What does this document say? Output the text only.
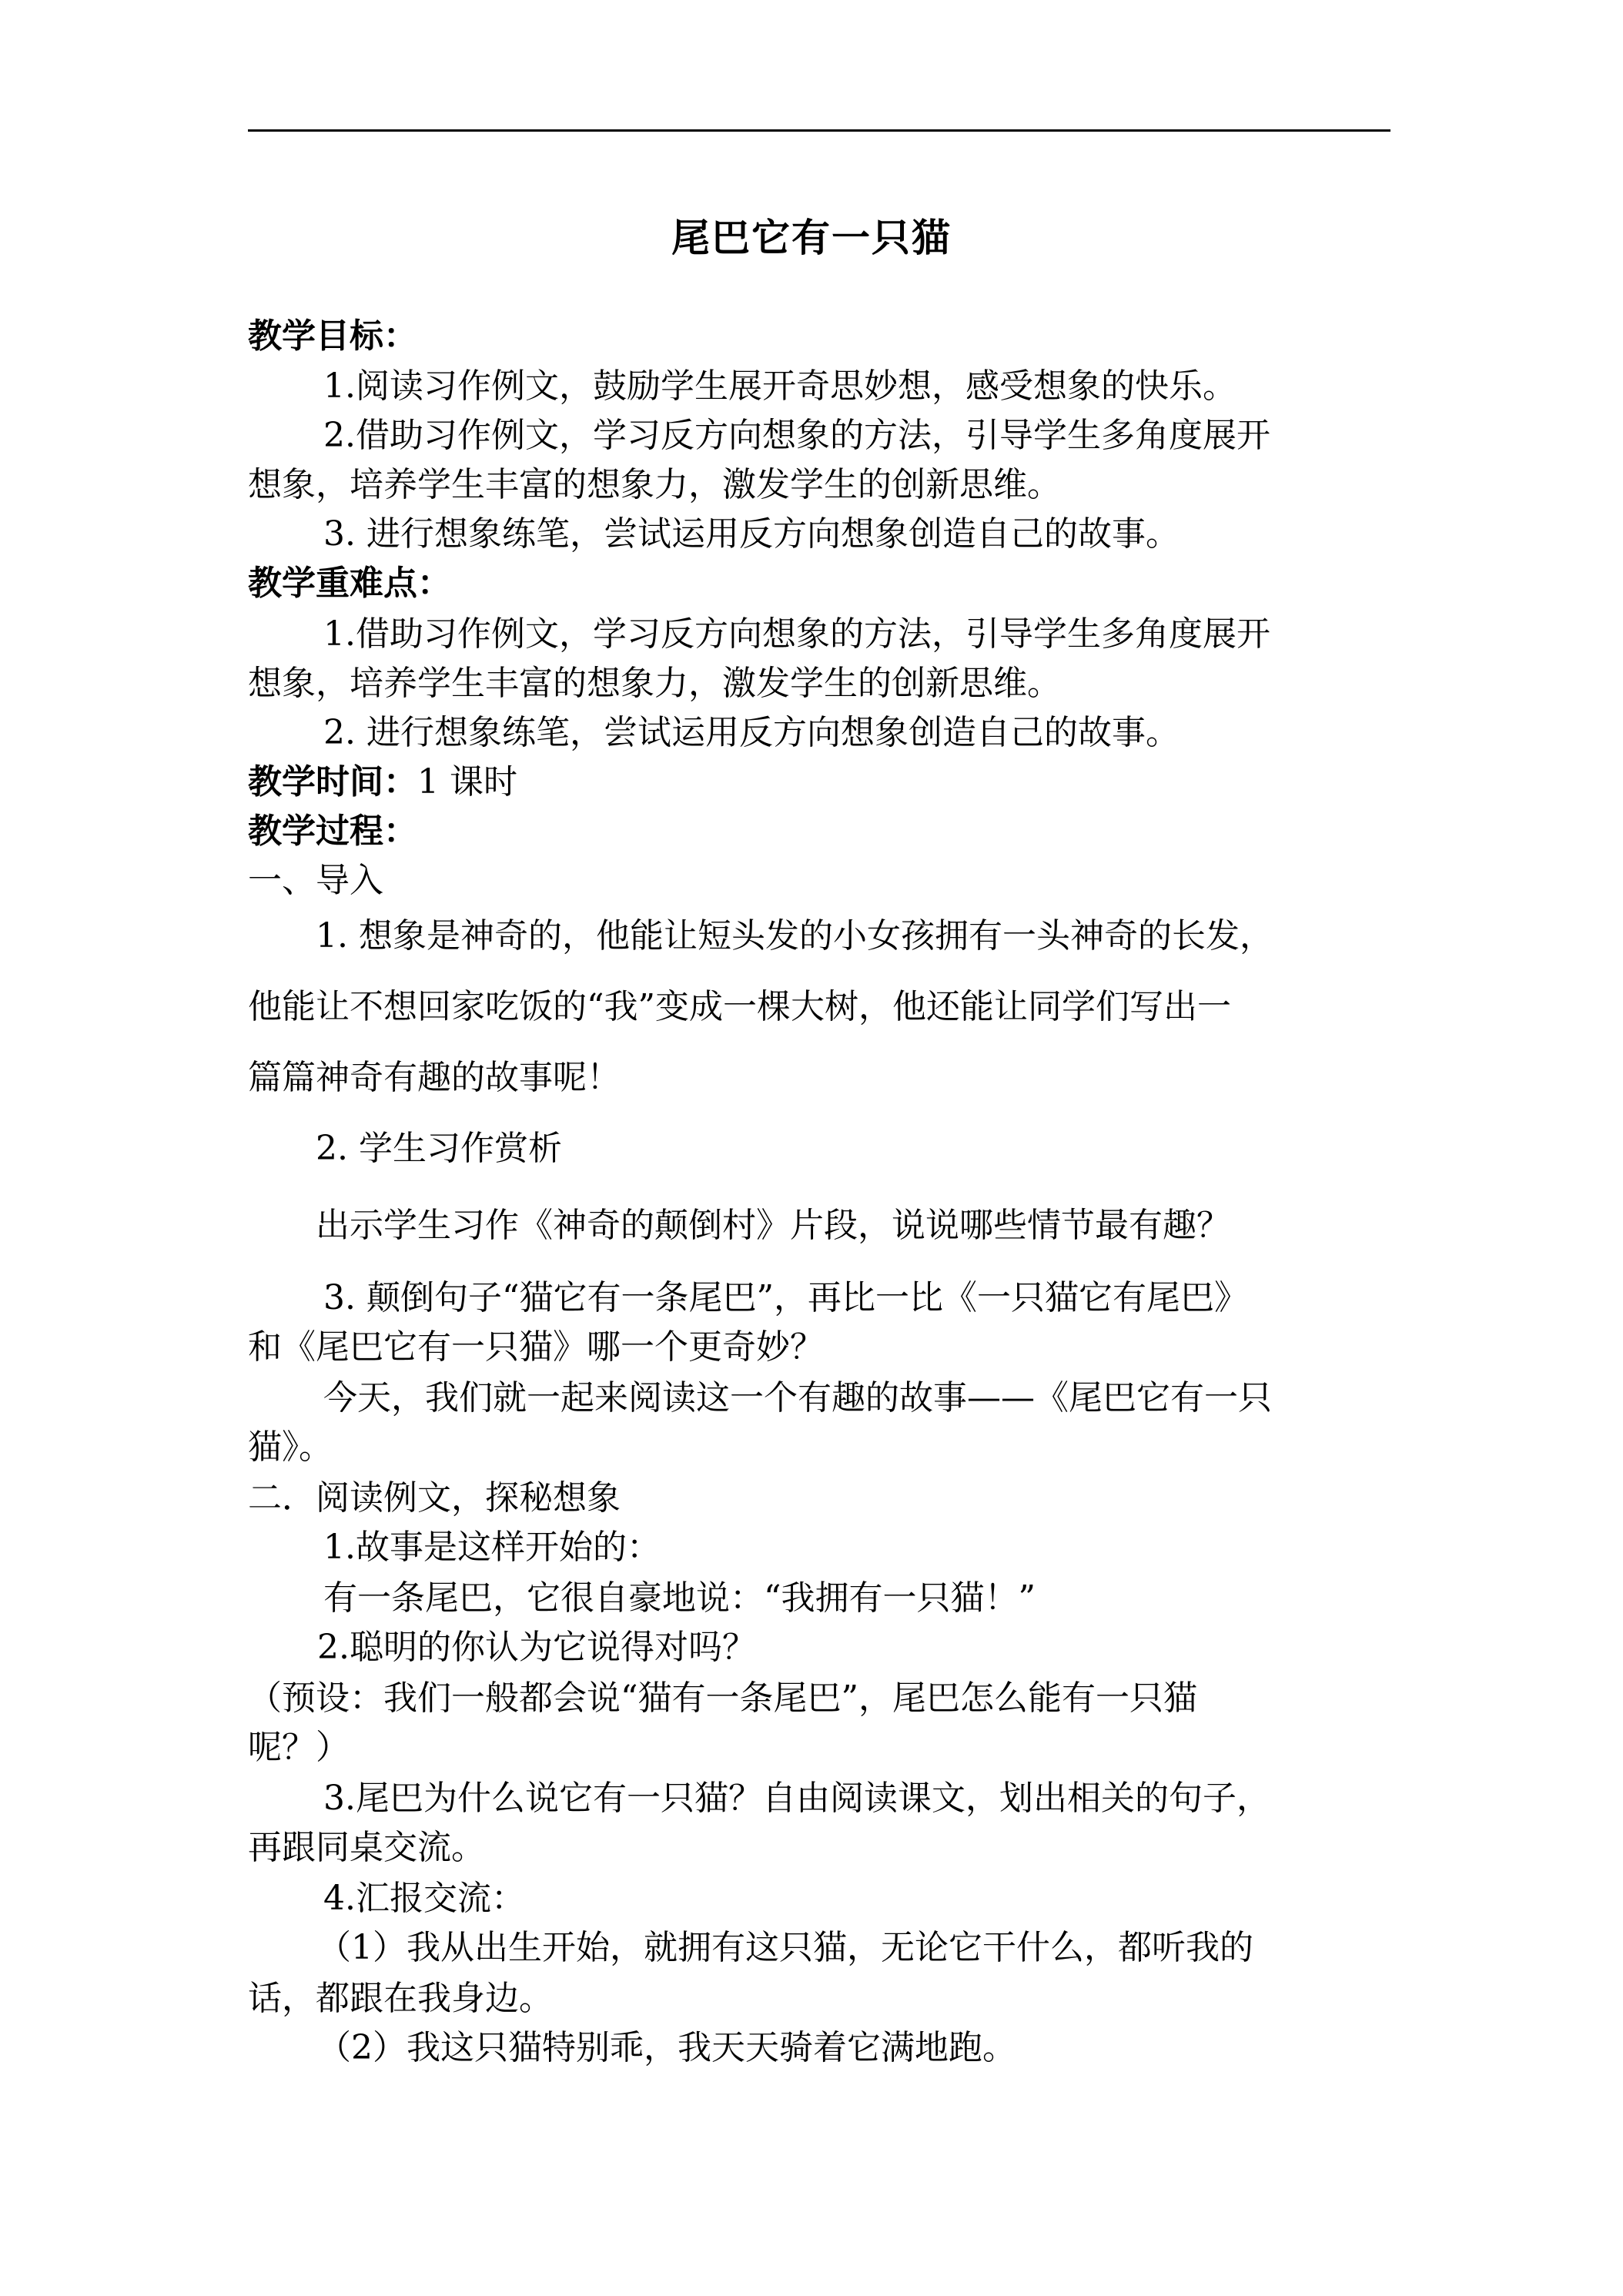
尾巴它有一只猫
教学目标：
1.阅读习作例文，鼓励学生展开奇思妙想，感受想象的快乐。
2.借助习作例文，学习反方向想象的方法，引导学生多角度展开
想象，培养学生丰富的想象力，激发学生的创新思维。
3. 进行想象练笔，尝试运用反方向想象创造自己的故事。
教学重难点：
1.借助习作例文，学习反方向想象的方法，引导学生多角度展开
想象，培养学生丰富的想象力，激发学生的创新思维。
2. 进行想象练笔，尝试运用反方向想象创造自己的故事。
教学时间：1 课时
教学过程：
一、导入
1. 想象是神奇的，他能让短头发的小女孩拥有一头神奇的长发，
他能让不想回家吃饭的“我”变成一棵大树，他还能让同学们写出一
篇篇神奇有趣的故事呢！
2. 学生习作赏析
出示学生习作《神奇的颠倒村》片段，说说哪些情节最有趣？
3. 颠倒句子“猫它有一条尾巴”，再比一比《一只猫它有尾巴》
和《尾巴它有一只猫》哪一个更奇妙？
今天，我们就一起来阅读这一个有趣的故事——《尾巴它有一只
猫》。
二．阅读例文，探秘想象
1.故事是这样开始的：
有一条尾巴，它很自豪地说：“我拥有一只猫！”
2.聪明的你认为它说得对吗？
（预设：我们一般都会说“猫有一条尾巴”，尾巴怎么能有一只猫
呢？）
3.尾巴为什么说它有一只猫？自由阅读课文，划出相关的句子，
再跟同桌交流。
4.汇报交流：
（1）我从出生开始，就拥有这只猫，无论它干什么，都听我的
话，都跟在我身边。
（2）我这只猫特别乖，我天天骑着它满地跑。
